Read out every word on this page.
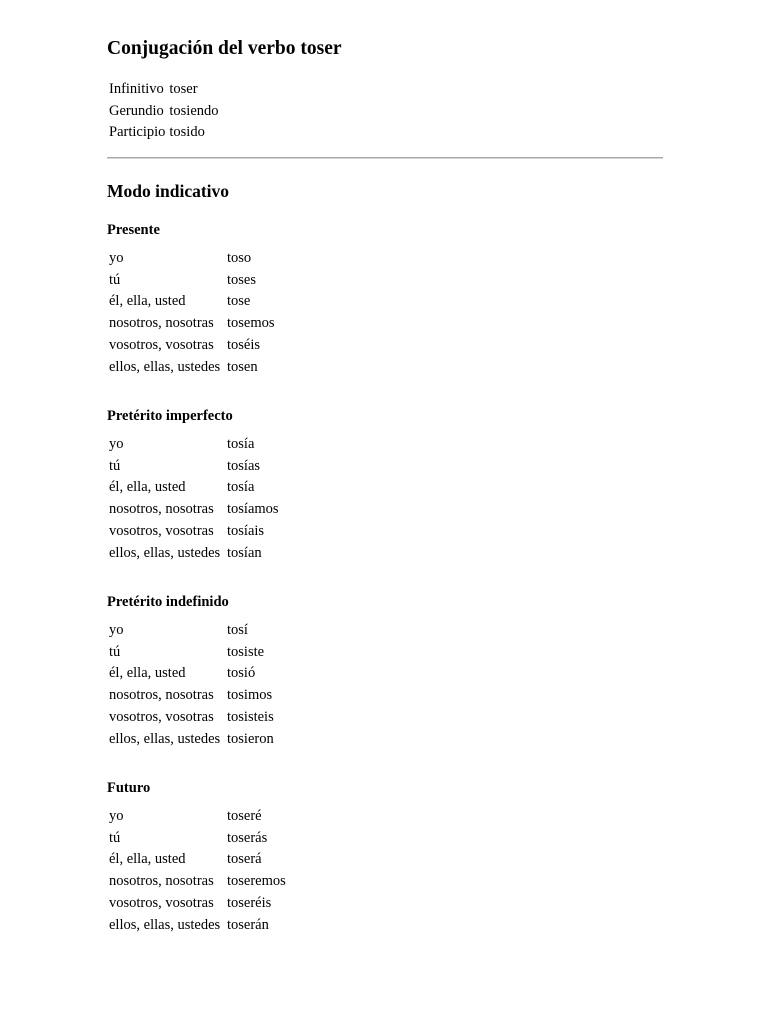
Conjugación del verbo toser
Infinitivo	toser
Gerundio	tosiendo
Participio	tosido
Modo indicativo
Presente
yo	toso
tú	toses
él, ella, usted	tose
nosotros, nosotras	tosemos
vosotros, vosotras	toséis
ellos, ellas, ustedes	tosen
Pretérito imperfecto
yo	tosía
tú	tosías
él, ella, usted	tosía
nosotros, nosotras	tosíamos
vosotros, vosotras	tosíais
ellos, ellas, ustedes	tosían
Pretérito indefinido
yo	tosí
tú	tosiste
él, ella, usted	tosió
nosotros, nosotras	tosimos
vosotros, vosotras	tosisteis
ellos, ellas, ustedes	tosieron
Futuro
yo	toseré
tú	toserás
él, ella, usted	toserá
nosotros, nosotras	toseremos
vosotros, vosotras	toseréis
ellos, ellas, ustedes	toserán
